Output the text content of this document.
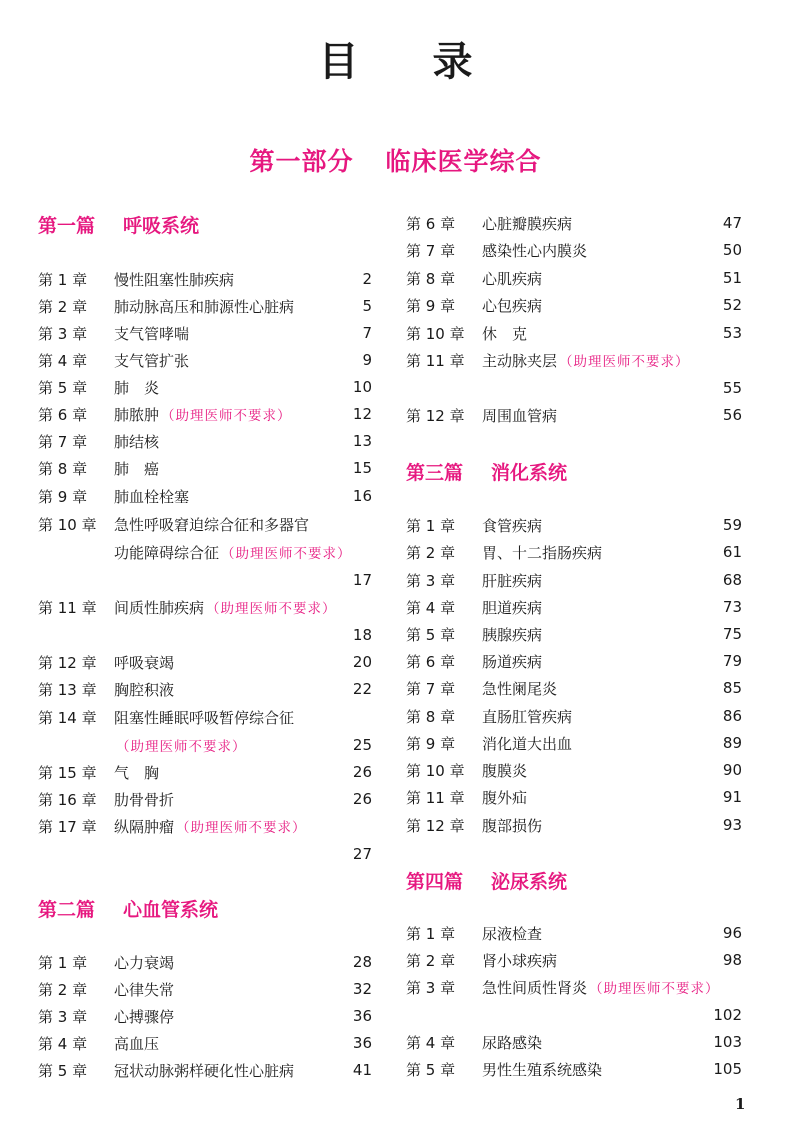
目 录
第一部分 临床医学综合
第一篇 呼吸系统
第 1 章	慢性阻塞性肺疾病	2
第 2 章	肺动脉高压和肺源性心脏病	5
第 3 章	支气管哮喘	7
第 4 章	支气管扩张	9
第 5 章	肺　炎	10
第 6 章	肺脓肿 （助理医师不要求）	12
第 7 章	肺结核	13
第 8 章	肺　癌	15
第 9 章	肺血栓栓塞	16
第 10 章	急性呼吸窘迫综合征和多器官
功能障碍综合征 （助理医师不要求）
17
第 11 章	间质性肺疾病 （助理医师不要求）
18
第 12 章	呼吸衰竭	20
第 13 章	胸腔积液	22
第 14 章	阻塞性睡眠呼吸暂停综合征
（助理医师不要求）	25
第 15 章	气　胸	26
第 16 章	肋骨骨折	26
第 17 章	纵隔肿瘤 （助理医师不要求）
27
第二篇 心血管系统
第 1 章	心力衰竭	28
第 2 章	心律失常	32
第 3 章	心搏骤停	36
第 4 章	高血压	36
第 5 章	冠状动脉粥样硬化性心脏病	41
第 6 章	心脏瓣膜疾病	47
第 7 章	感染性心内膜炎	50
第 8 章	心肌疾病	51
第 9 章	心包疾病	52
第 10 章	休　克	53
第 11 章	主动脉夹层 （助理医师不要求）
55
第 12 章	周围血管病	56
第三篇 消化系统
第 1 章	食管疾病	59
第 2 章	胃、十二指肠疾病	61
第 3 章	肝脏疾病	68
第 4 章	胆道疾病	73
第 5 章	胰腺疾病	75
第 6 章	肠道疾病	79
第 7 章	急性阑尾炎	85
第 8 章	直肠肛管疾病	86
第 9 章	消化道大出血	89
第 10 章	腹膜炎	90
第 11 章	腹外疝	91
第 12 章	腹部损伤	93
第四篇 泌尿系统
第 1 章	尿液检查	96
第 2 章	肾小球疾病	98
第 3 章	急性间质性肾炎 （助理医师不要求）
102
第 4 章	尿路感染	103
第 5 章	男性生殖系统感染	105
1
